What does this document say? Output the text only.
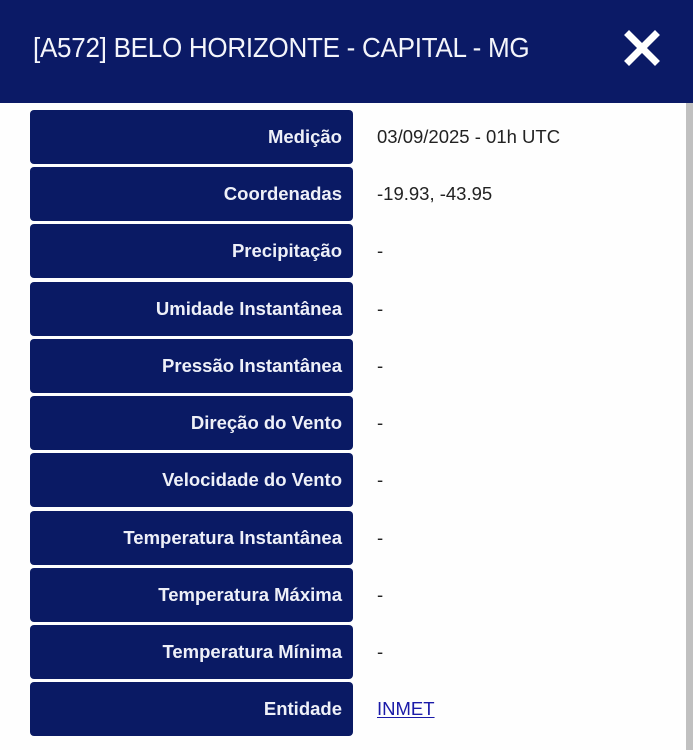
[A572] BELO HORIZONTE - CAPITAL - MG
Medição	03/09/2025 - 01h UTC
Coordenadas	-19.93, -43.95
Precipitação	-
Umidade Instantânea	-
Pressão Instantânea	-
Direção do Vento	-
Velocidade do Vento	-
Temperatura Instantânea	-
Temperatura Máxima	-
Temperatura Mínima	-
Entidade	INMET
